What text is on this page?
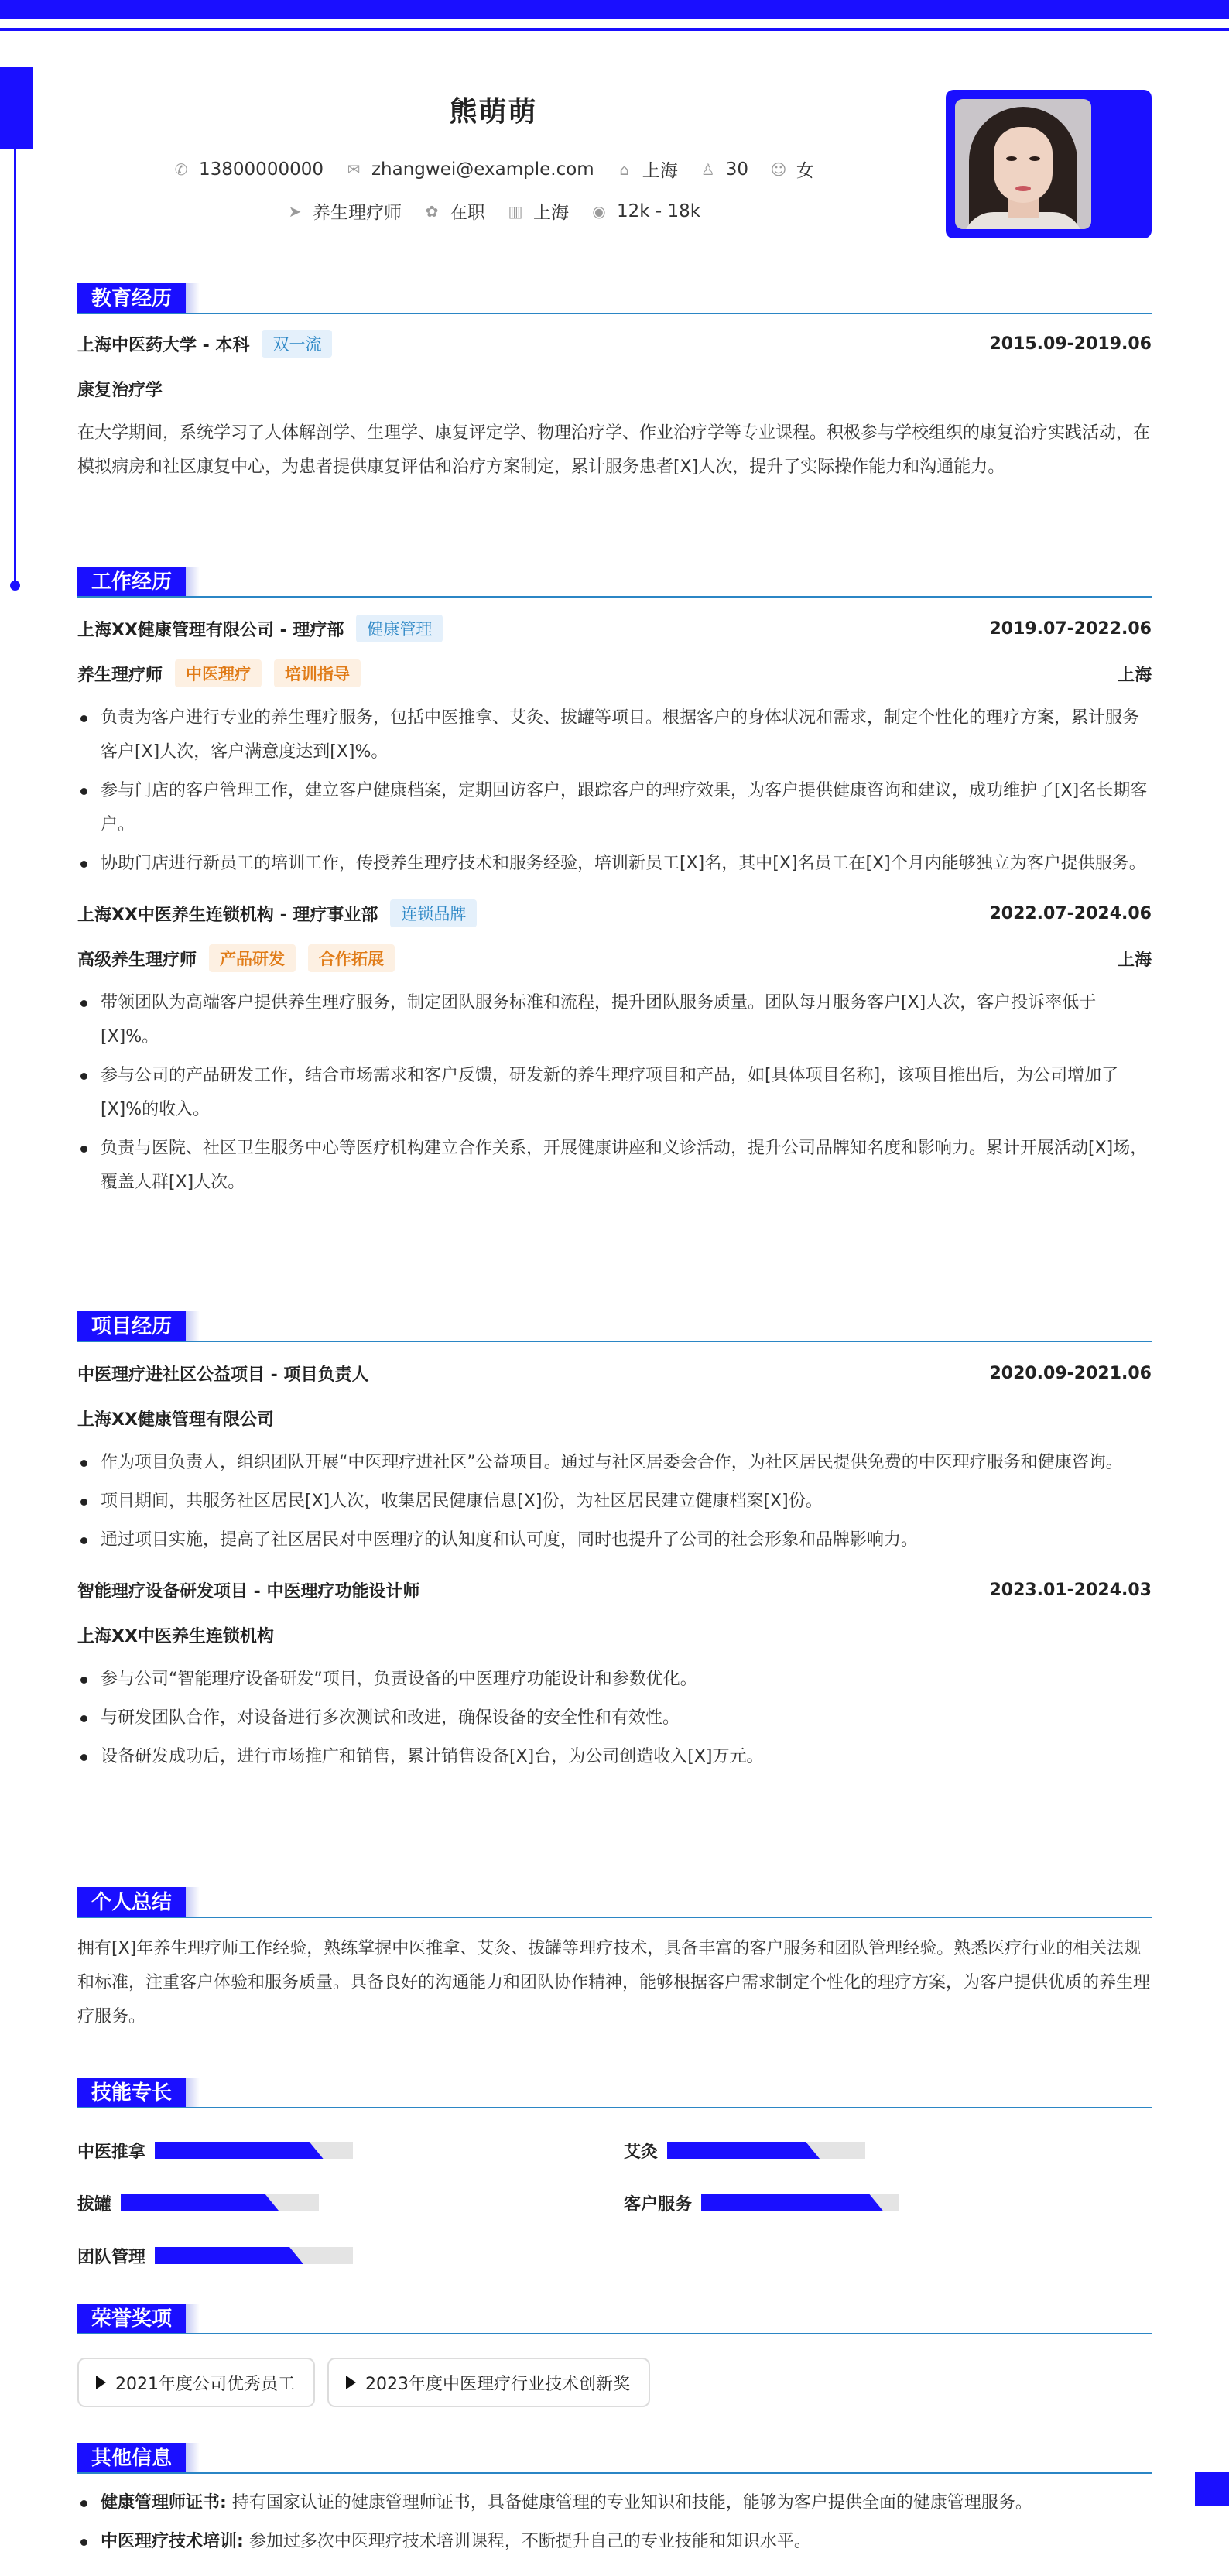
熊萌萌
✆ 13800000000 ✉ zhangwei@example.com ⌂ 上海 ♙ 30 ☺ 女
➤ 养生理疗师 ✿ 在职 ▥ 上海 ◉ 12k - 18k
教育经历
上海中医药大学 - 本科	双一流	2015.09-2019.06
康复治疗学

在大学期间，系统学习了人体解剖学、生理学、康复评定学、物理治疗学、作业治疗学等专业课程。积极参与学校组织的康复治疗实践活动，在模拟病房和社区康复中心，为患者提供康复评估和治疗方案制定，累计服务患者[X]人次，提升了实际操作能力和沟通能力。

工作经历
上海XX健康管理有限公司 - 理疗部	健康管理	2019.07-2022.06
养生理疗师	中医理疗	培训指导	上海
负责为客户进行专业的养生理疗服务，包括中医推拿、艾灸、拔罐等项目。根据客户的身体状况和需求，制定个性化的理疗方案，累计服务客户[X]人次，客户满意度达到[X]%。
参与门店的客户管理工作，建立客户健康档案，定期回访客户，跟踪客户的理疗效果，为客户提供健康咨询和建议，成功维护了[X]名长期客户。
协助门店进行新员工的培训工作，传授养生理疗技术和服务经验，培训新员工[X]名，其中[X]名员工在[X]个月内能够独立为客户提供服务。
上海XX中医养生连锁机构 - 理疗事业部	连锁品牌	2022.07-2024.06
高级养生理疗师	产品研发	合作拓展	上海
带领团队为高端客户提供养生理疗服务，制定团队服务标准和流程，提升团队服务质量。团队每月服务客户[X]人次，客户投诉率低于[X]%。
参与公司的产品研发工作，结合市场需求和客户反馈，研发新的养生理疗项目和产品，如[具体项目名称]，该项目推出后，为公司增加了[X]%的收入。
负责与医院、社区卫生服务中心等医疗机构建立合作关系，开展健康讲座和义诊活动，提升公司品牌知名度和影响力。累计开展活动[X]场，覆盖人群[X]人次。
项目经历
中医理疗进社区公益项目 - 项目负责人	2020.09-2021.06
上海XX健康管理有限公司
作为项目负责人，组织团队开展“中医理疗进社区”公益项目。通过与社区居委会合作，为社区居民提供免费的中医理疗服务和健康咨询。
项目期间，共服务社区居民[X]人次，收集居民健康信息[X]份，为社区居民建立健康档案[X]份。
通过项目实施，提高了社区居民对中医理疗的认知度和认可度，同时也提升了公司的社会形象和品牌影响力。
智能理疗设备研发项目 - 中医理疗功能设计师	2023.01-2024.03
上海XX中医养生连锁机构
参与公司“智能理疗设备研发”项目，负责设备的中医理疗功能设计和参数优化。
与研发团队合作，对设备进行多次测试和改进，确保设备的安全性和有效性。
设备研发成功后，进行市场推广和销售，累计销售设备[X]台，为公司创造收入[X]万元。
个人总结

拥有[X]年养生理疗师工作经验，熟练掌握中医推拿、艾灸、拔罐等理疗技术，具备丰富的客户服务和团队管理经验。熟悉医疗行业的相关法规和标准，注重客户体验和服务质量。具备良好的沟通能力和团队协作精神，能够根据客户需求制定个性化的理疗方案，为客户提供优质的养生理疗服务。

技能专长
中医推拿	艾灸
拔罐	客户服务
团队管理
荣誉奖项
2021年度公司优秀员工	2023年度中医理疗行业技术创新奖
其他信息
健康管理师证书: 持有国家认证的健康管理师证书，具备健康管理的专业知识和技能，能够为客户提供全面的健康管理服务。
中医理疗技术培训: 参加过多次中医理疗技术培训课程，不断提升自己的专业技能和知识水平。
